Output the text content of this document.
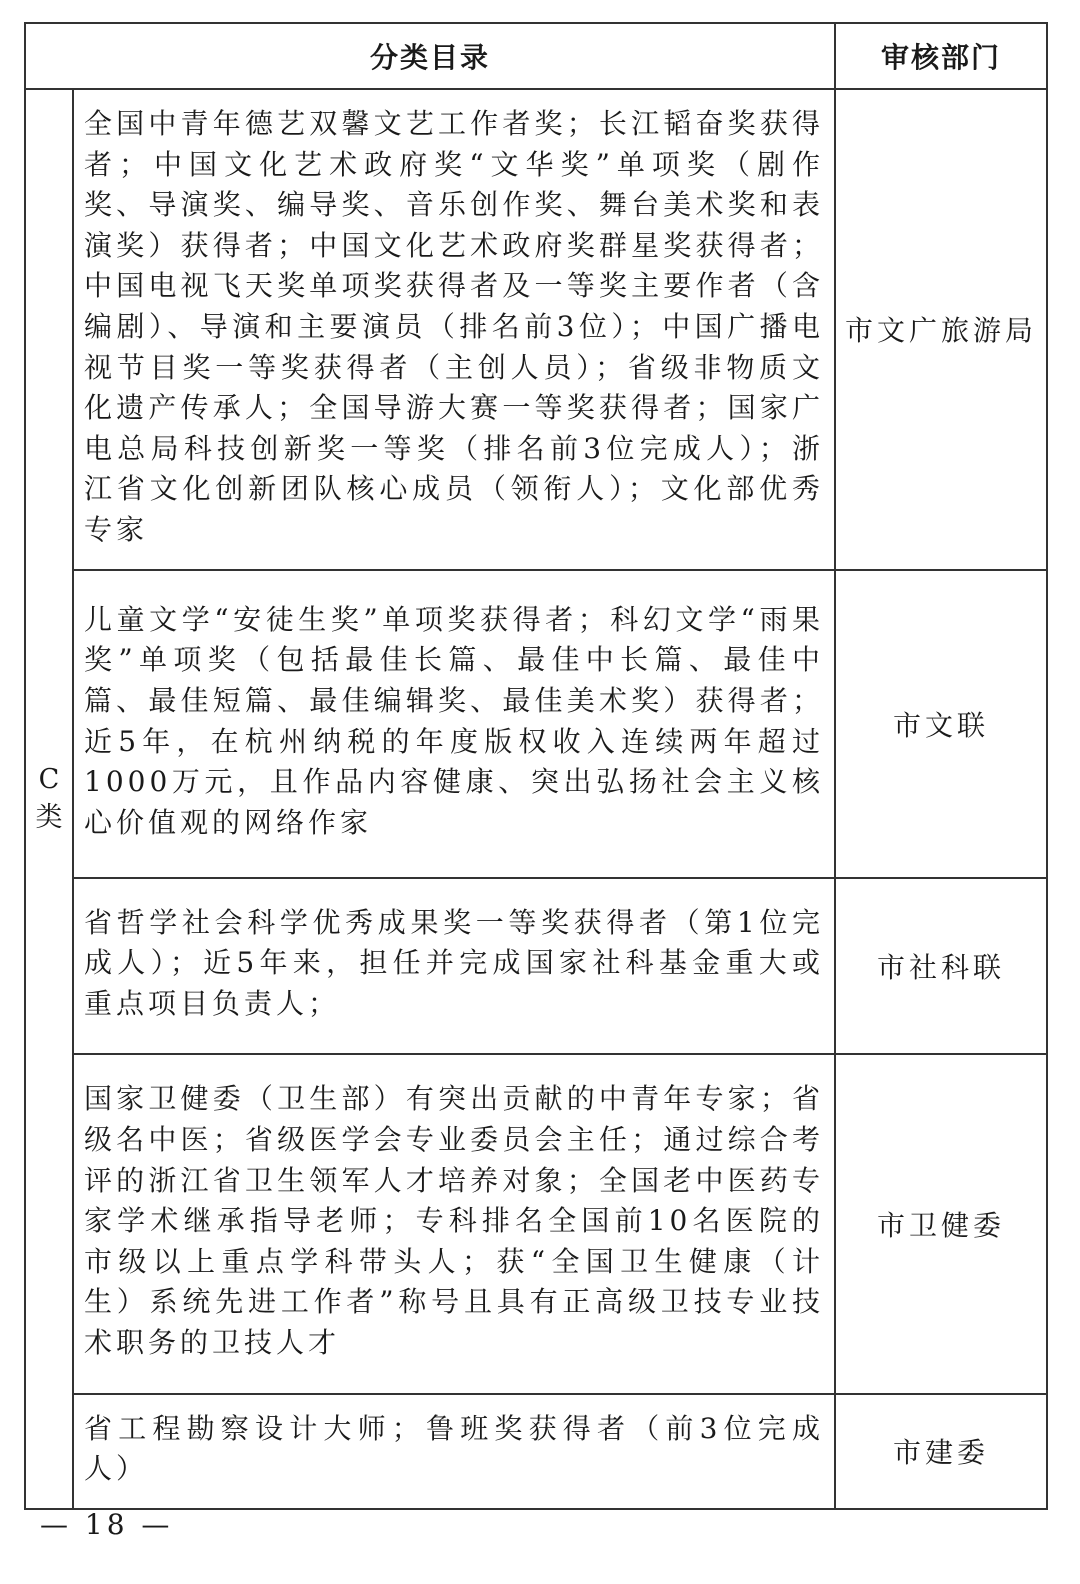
分类目录		审核部门
C类	全国中青年德艺双馨文艺工作者奖；长江韬奋奖获得者；中国文化艺术政府奖“文华奖”单项奖（剧作奖、导演奖、编导奖、音乐创作奖、舞台美术奖和表演奖）获得者；中国文化艺术政府奖群星奖获得者；中国电视飞天奖单项奖获得者及一等奖主要作者（含编剧）、导演和主要演员（排名前3位）；中国广播电视节目奖一等奖获得者（主创人员）；省级非物质文化遗产传承人；全国导游大赛一等奖获得者；国家广电总局科技创新奖一等奖（排名前3位完成人）；浙江省文化创新团队核心成员（领衔人）；文化部优秀专家	市文广旅游局

	儿童文学“安徒生奖”单项奖获得者；科幻文学“雨果奖”单项奖（包括最佳长篇、最佳中长篇、最佳中篇、最佳短篇、最佳编辑奖、最佳美术奖）获得者；近5年，在杭州纳税的年度版权收入连续两年超过1000万元，且作品内容健康、突出弘扬社会主义核心价值观的网络作家	市文联

	省哲学社会科学优秀成果奖一等奖获得者（第1位完成人）；近5年来，担任并完成国家社科基金重大或重点项目负责人；	市社科联

	国家卫健委（卫生部）有突出贡献的中青年专家；省级名中医；省级医学会专业委员会主任；通过综合考评的浙江省卫生领军人才培养对象；全国老中医药专家学术继承指导老师；专科排名全国前10名医院的市级以上重点学科带头人；获“全国卫生健康（计生）系统先进工作者”称号且具有正高级卫技专业技术职务的卫技人才	市卫健委

	省工程勘察设计大师；鲁班奖获得者（前3位完成人）	市建委
— 18 —
